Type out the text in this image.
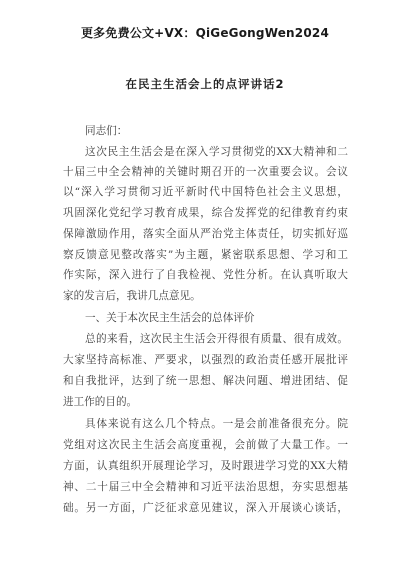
更多免费公文+VX：QiGeGongWen2024
在民主生活会上的点评讲话2
同志们：
这次民主生活会是在深入学习贯彻党的XX大精神和二
十届三中全会精神的关键时期召开的一次重要会议。会议
以“深入学习贯彻习近平新时代中国特色社会主义思想，
巩固深化党纪学习教育成果，综合发挥党的纪律教育约束
保障激励作用，落实全面从严治党主体责任，切实抓好巡
察反馈意见整改落实”为主题，紧密联系思想、学习和工
作实际，深入进行了自我检视、党性分析。在认真听取大
家的发言后，我讲几点意见。
一、关于本次民主生活会的总体评价
总的来看，这次民主生活会开得很有质量、很有成效。
大家坚持高标准、严要求，以强烈的政治责任感开展批评
和自我批评，达到了统一思想、解决问题、增进团结、促
进工作的目的。
具体来说有这么几个特点。一是会前准备很充分。院
党组对这次民主生活会高度重视，会前做了大量工作。一
方面，认真组织开展理论学习，及时跟进学习党的XX大精
神、二十届三中全会精神和习近平法治思想，夯实思想基
础。另一方面，广泛征求意见建议，深入开展谈心谈话，
